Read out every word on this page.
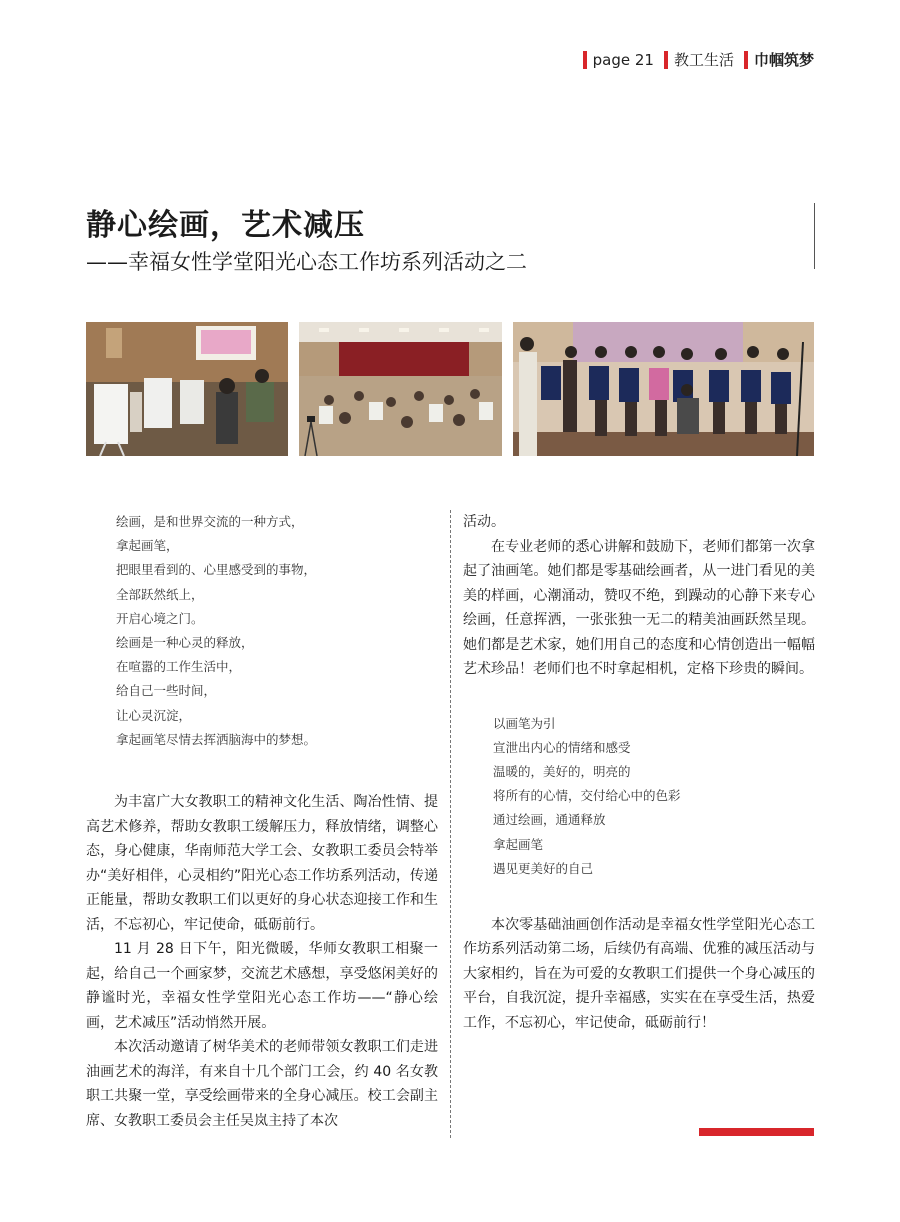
page 21 教工生活 巾帼筑梦
静心绘画，艺术减压
——幸福女性学堂阳光心态工作坊系列活动之二
绘画，是和世界交流的一种方式，
拿起画笔，
把眼里看到的、心里感受到的事物，
全部跃然纸上，
开启心境之门。
绘画是一种心灵的释放，
在喧嚣的工作生活中，
给自己一些时间，
让心灵沉淀，
拿起画笔尽情去挥洒脑海中的梦想。

为丰富广大女教职工的精神文化生活、陶冶性情、提高艺术修养，帮助女教职工缓解压力，释放情绪，调整心态，身心健康，华南师范大学工会、女教职工委员会特举办“美好相伴，心灵相约”阳光心态工作坊系列活动，传递正能量，帮助女教职工们以更好的身心状态迎接工作和生活，不忘初心，牢记使命，砥砺前行。

11 月 28 日下午，阳光微暖，华师女教职工相聚一起，给自己一个画家梦，交流艺术感想，享受悠闲美好的静谧时光，幸福女性学堂阳光心态工作坊——“静心绘画，艺术减压”活动悄然开展。

本次活动邀请了树华美术的老师带领女教职工们走进油画艺术的海洋，有来自十几个部门工会，约 40 名女教职工共聚一堂，享受绘画带来的全身心减压。校工会副主席、女教职工委员会主任吴岚主持了本次

活动。

在专业老师的悉心讲解和鼓励下，老师们都第一次拿起了油画笔。她们都是零基础绘画者，从一进门看见的美美的样画，心潮涌动，赞叹不绝，到躁动的心静下来专心绘画，任意挥洒，一张张独一无二的精美油画跃然呈现。她们都是艺术家，她们用自己的态度和心情创造出一幅幅艺术珍品！老师们也不时拿起相机，定格下珍贵的瞬间。

以画笔为引
宣泄出内心的情绪和感受
温暖的，美好的，明亮的
将所有的心情，交付给心中的色彩
通过绘画，通通释放
拿起画笔
遇见更美好的自己

本次零基础油画创作活动是幸福女性学堂阳光心态工作坊系列活动第二场，后续仍有高端、优雅的减压活动与大家相约，旨在为可爱的女教职工们提供一个身心减压的平台，自我沉淀，提升幸福感，实实在在享受生活，热爱工作，不忘初心，牢记使命，砥砺前行！
